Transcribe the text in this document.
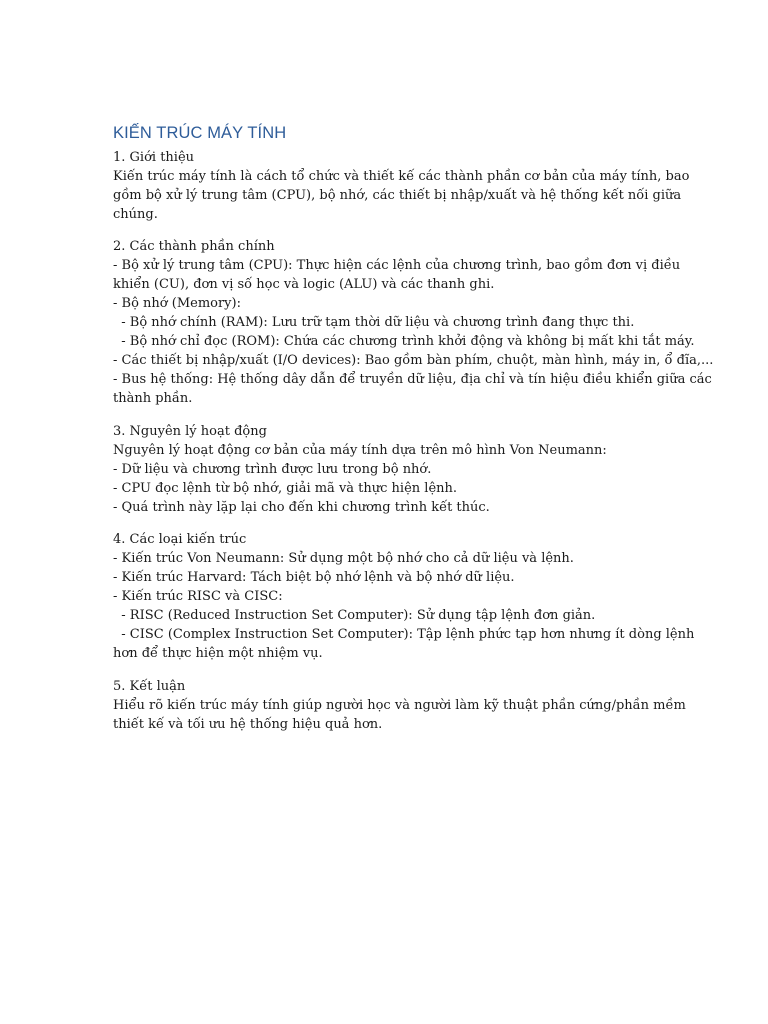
KIẾN TRÚC MÁY TÍNH
1. Giới thiệu
Kiến trúc máy tính là cách tổ chức và thiết kế các thành phần cơ bản của máy tính, bao
gồm bộ xử lý trung tâm (CPU), bộ nhớ, các thiết bị nhập/xuất và hệ thống kết nối giữa
chúng.
2. Các thành phần chính
- Bộ xử lý trung tâm (CPU): Thực hiện các lệnh của chương trình, bao gồm đơn vị điều
khiển (CU), đơn vị số học và logic (ALU) và các thanh ghi.
- Bộ nhớ (Memory):
- Bộ nhớ chính (RAM): Lưu trữ tạm thời dữ liệu và chương trình đang thực thi.
- Bộ nhớ chỉ đọc (ROM): Chứa các chương trình khởi động và không bị mất khi tắt máy.
- Các thiết bị nhập/xuất (I/O devices): Bao gồm bàn phím, chuột, màn hình, máy in, ổ đĩa,...
- Bus hệ thống: Hệ thống dây dẫn để truyền dữ liệu, địa chỉ và tín hiệu điều khiển giữa các
thành phần.
3. Nguyên lý hoạt động
Nguyên lý hoạt động cơ bản của máy tính dựa trên mô hình Von Neumann:
- Dữ liệu và chương trình được lưu trong bộ nhớ.
- CPU đọc lệnh từ bộ nhớ, giải mã và thực hiện lệnh.
- Quá trình này lặp lại cho đến khi chương trình kết thúc.
4. Các loại kiến trúc
- Kiến trúc Von Neumann: Sử dụng một bộ nhớ cho cả dữ liệu và lệnh.
- Kiến trúc Harvard: Tách biệt bộ nhớ lệnh và bộ nhớ dữ liệu.
- Kiến trúc RISC và CISC:
- RISC (Reduced Instruction Set Computer): Sử dụng tập lệnh đơn giản.
- CISC (Complex Instruction Set Computer): Tập lệnh phức tạp hơn nhưng ít dòng lệnh
hơn để thực hiện một nhiệm vụ.
5. Kết luận
Hiểu rõ kiến trúc máy tính giúp người học và người làm kỹ thuật phần cứng/phần mềm
thiết kế và tối ưu hệ thống hiệu quả hơn.
